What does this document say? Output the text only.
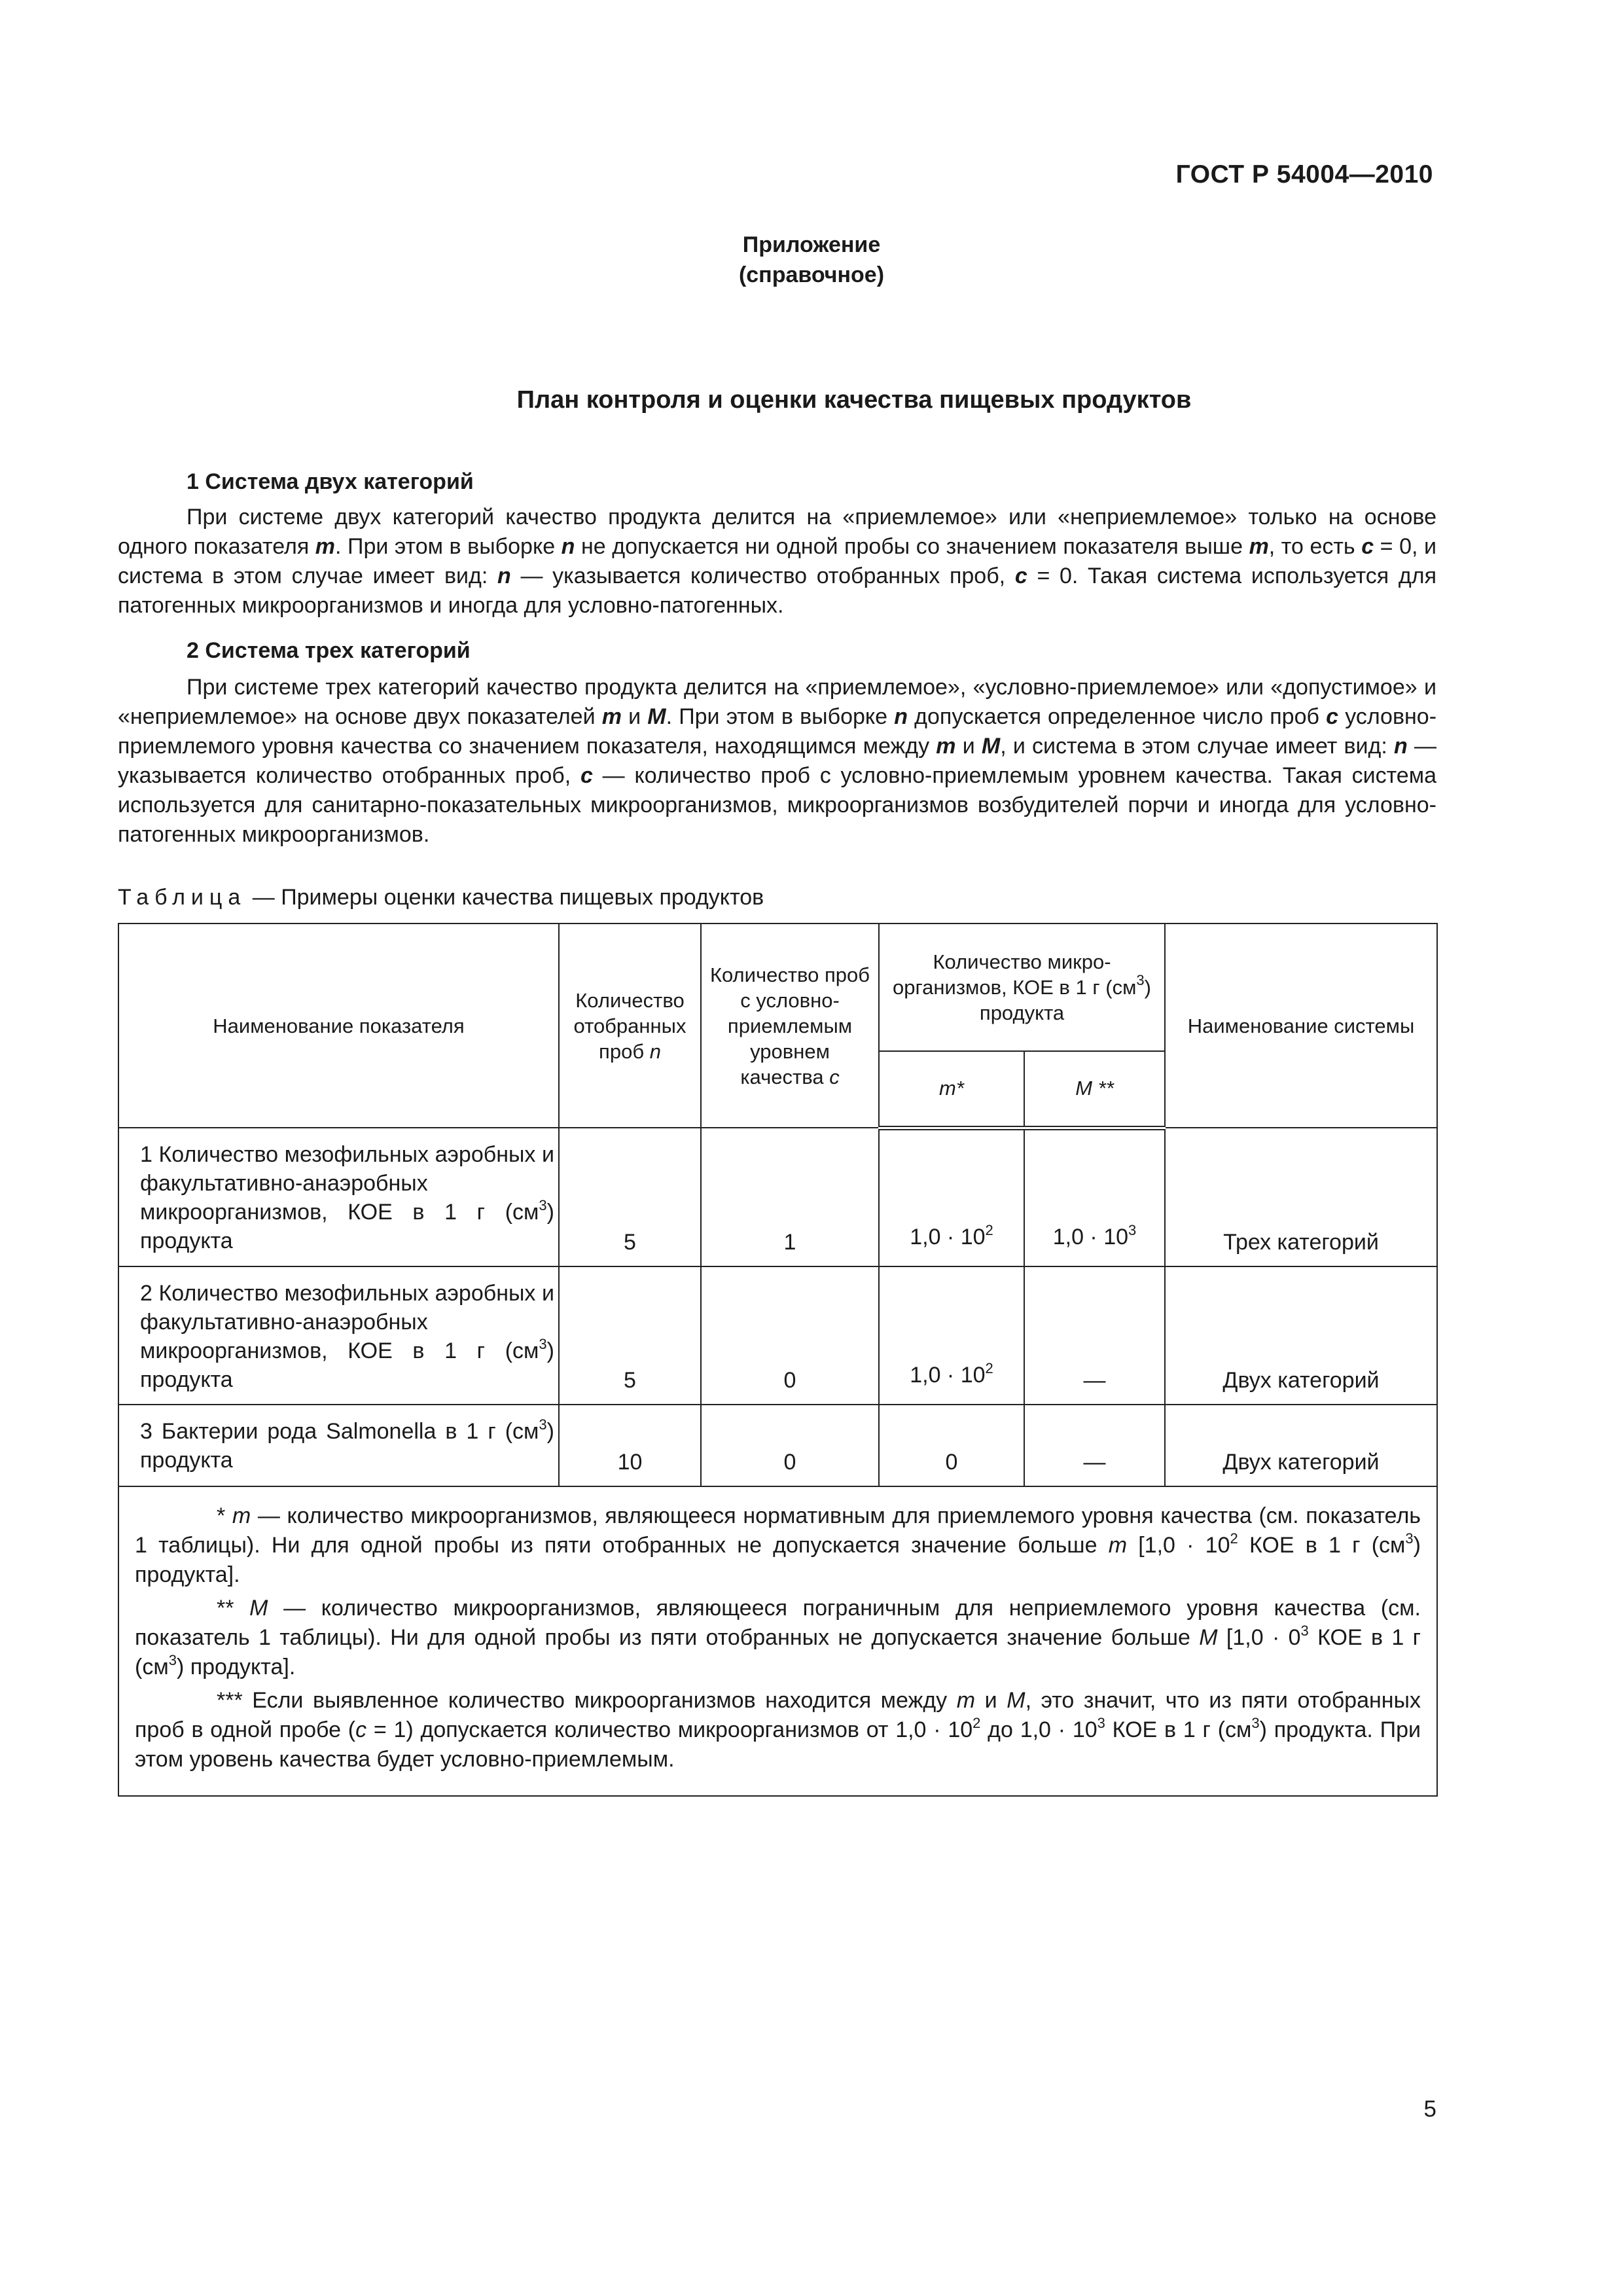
ГОСТ Р 54004—2010
Приложение
(справочное)
План контроля и оценки качества пищевых продуктов
1 Система двух категорий
При системе двух категорий качество продукта делится на «приемлемое» или «неприемлемое» только на основе одного показателя m. При этом в выборке n не допускается ни одной пробы со значением показателя выше m, то есть c = 0, и система в этом случае имеет вид: n — указывается количество отобранных проб, c = 0. Такая система используется для патогенных микроорганизмов и иногда для условно-патогенных.
2 Система трех категорий
При системе трех категорий качество продукта делится на «приемлемое», «условно-приемлемое» или «допустимое» и «неприемлемое» на основе двух показателей m и M. При этом в выборке n допускается определенное число проб c условно-приемлемого уровня качества со значением показателя, находящимся между m и M, и система в этом случае имеет вид: n — указывается количество отобранных проб, c — количество проб с условно-приемлемым уровнем качества. Такая система используется для санитарно-показательных микроорганизмов, микроорганизмов возбудителей порчи и иногда для условно-патогенных микроорганизмов.
Таблица — Примеры оценки качества пищевых продуктов
Наименование показателя	Количество отобранных проб n	Количество проб с условно-приемлемым уровнем качества c	Количество микро-организмов, КОЕ в 1 г $(см^3)$ продукта		Наименование системы
			m*	M **	
1 Количество мезофильных аэробных и факультативно-анаэробных микроорганизмов, КОЕ в 1 г $(см^3)$ продукта	5	1	$1,0 \cdot 10^2$	$1,0 \cdot 10^3$	Трех категорий
2 Количество мезофильных аэробных и факультативно-анаэробных микроорганизмов, КОЕ в 1 г $(см^3)$ продукта	5	0	$1,0 \cdot 10^2$	—	Двух категорий
3 Бактерии рода Salmonella в 1 г $(см^3)$ продукта	10	0	0	—	Двух категорий

* m — количество микроорганизмов, являющееся нормативным для приемлемого уровня качества (см. показатель 1 таблицы). Ни для одной пробы из пяти отобранных не допускается значение больше m [$1,0 \cdot 10^2$ КОЕ в 1 г $(см^3)$ продукта].
** M — количество микроорганизмов, являющееся пограничным для неприемлемого уровня качества (см. показатель 1 таблицы). Ни для одной пробы из пяти отобранных не допускается значение больше M [$1,0 \cdot 0^3$ КОЕ в 1 г $(см^3)$ продукта].
*** Если выявленное количество микроорганизмов находится между m и M, это значит, что из пяти отобранных проб в одной пробе (c = 1) допускается количество микроорганизмов от $1,0 \cdot 10^2$ до $1,0 \cdot 10^3$ КОЕ в 1 г $(см^3)$ продукта. При этом уровень качества будет условно-приемлемым.					
5
